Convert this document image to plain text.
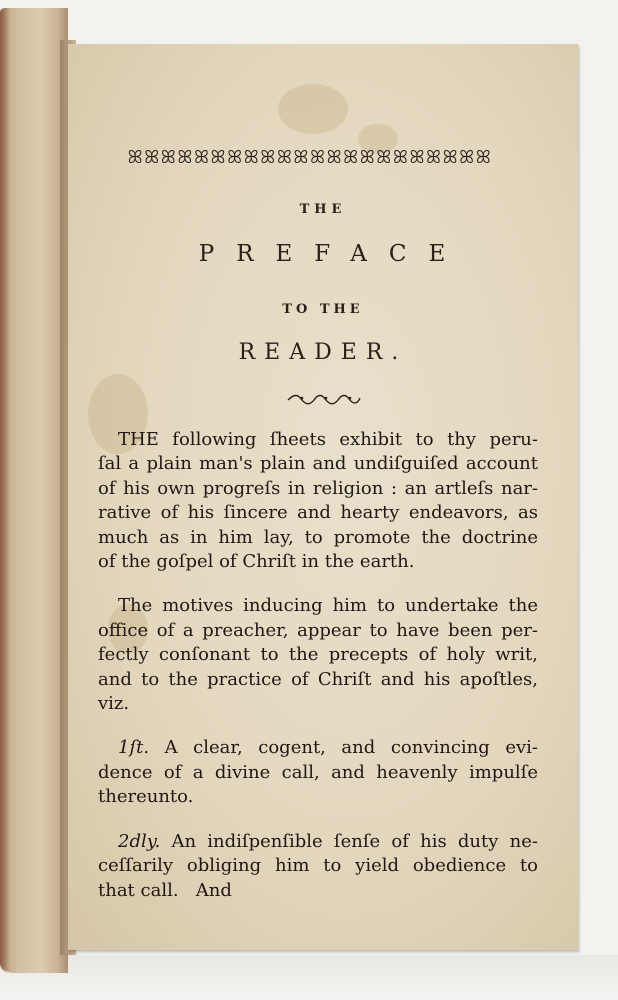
ꕤꕤꕤꕤꕤꕤꕤꕤꕤꕤꕤꕤꕤꕤꕤꕤꕤꕤꕤꕤꕤꕤ
THE
PREFACE
TO THE
READER.

THE following ſheets exhibit to thy peru-
ſal a plain man's plain and undiſguiſed account
of his own progreſs in religion : an artleſs nar-
rative of his ſincere and hearty endeavors, as
much as in him lay, to promote the doctrine
of the goſpel of Chriſt in the earth.

The motives inducing him to undertake the
office of a preacher, appear to have been per-
fectly conſonant to the precepts of holy writ,
and to the practice of Chriſt and his apoſtles,
viz.

1ſt. A clear, cogent, and convincing evi-
dence of a divine call, and heavenly impulſe
thereunto.

2dly. An indiſpenſible ſenſe of his duty ne-
ceſſarily obliging him to yield obedience to
that call.   And
